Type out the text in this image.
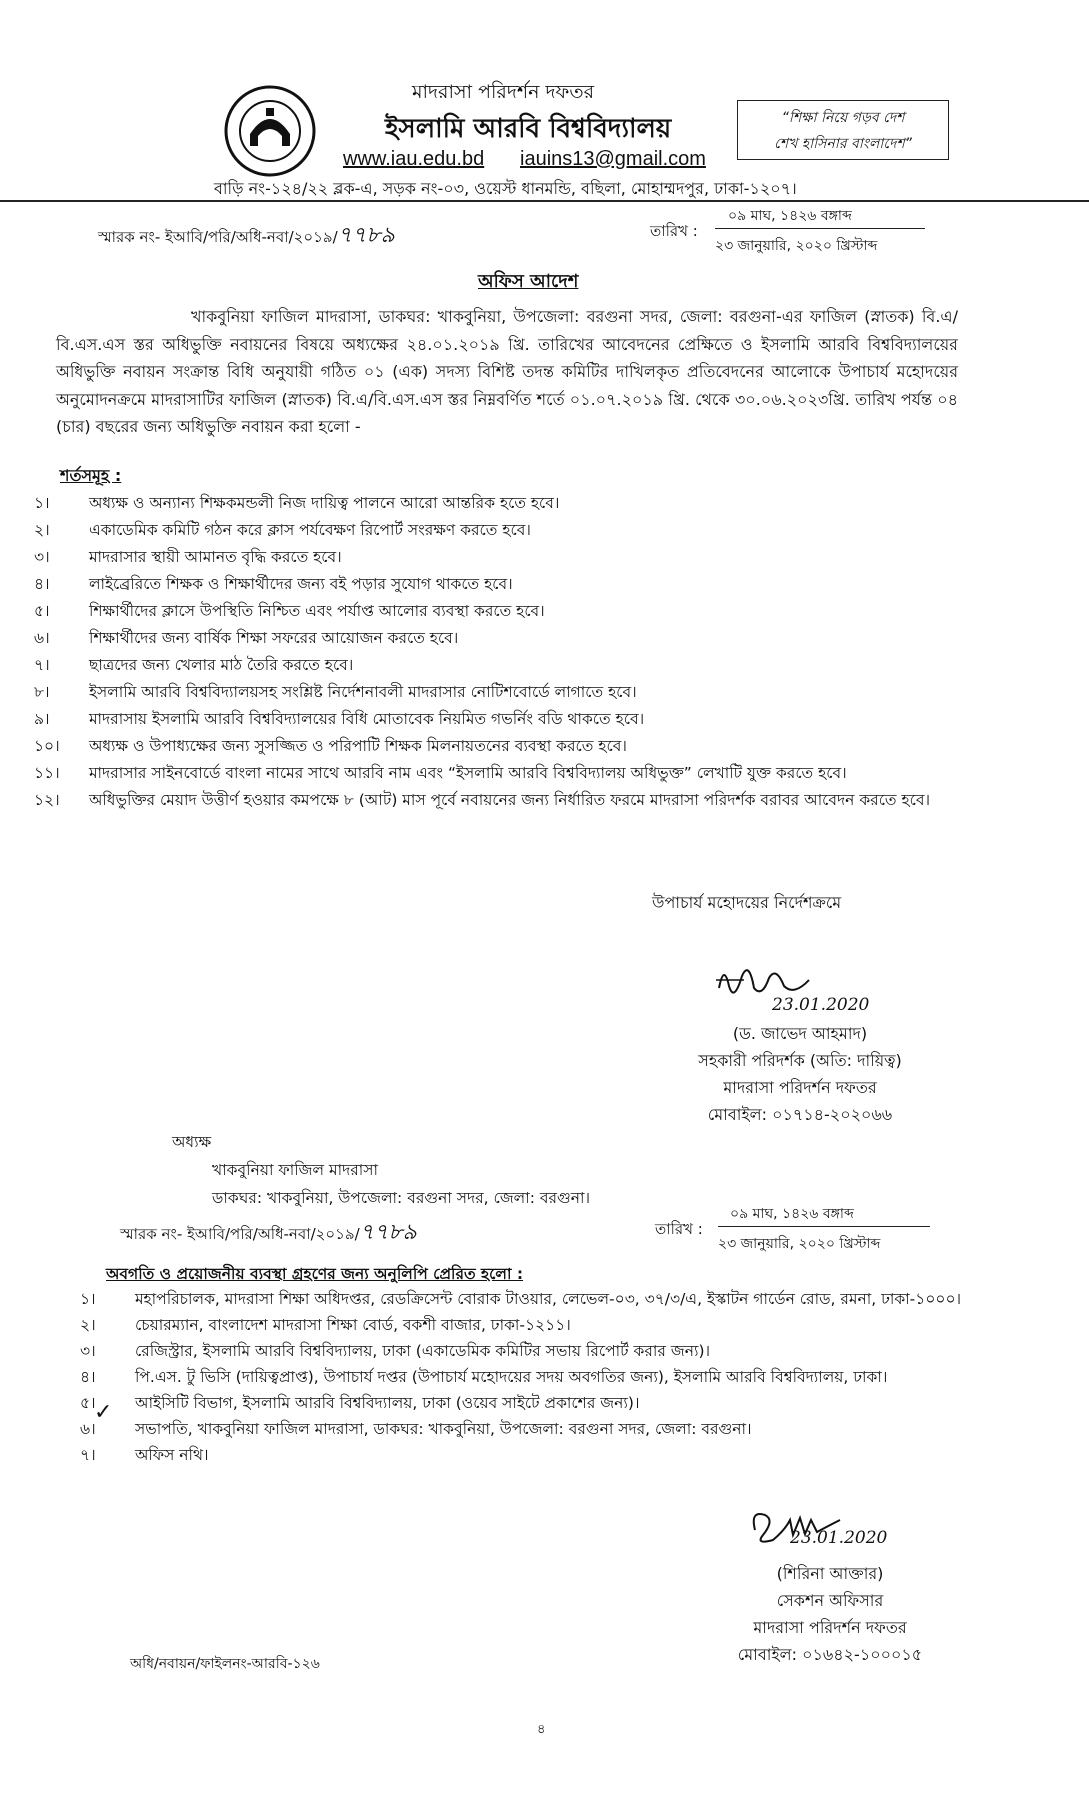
মাদরাসা পরিদর্শন দফতর
ইসলামি আরবি বিশ্ববিদ্যালয়
www.iau.edu.bd iauins13@gmail.com
“শিক্ষা নিয়ে গড়ব দেশ
শেখ হাসিনার বাংলাদেশ”
বাড়ি নং-১২৪/২২ ব্লক-এ, সড়ক নং-০৩, ওয়েস্ট ধানমন্ডি, বছিলা, মোহাম্মদপুর, ঢাকা-১২০৭।
স্মারক নং- ইআবি/পরি/অধি-নবা/২০১৯/৭৭৮৯	তারিখ :
০৯ মাঘ, ১৪২৬ বঙ্গাব্দ
২৩ জানুয়ারি, ২০২০ খ্রিস্টাব্দ
অফিস আদেশ
খাকবুনিয়া ফাজিল মাদরাসা, ডাকঘর: খাকবুনিয়া, উপজেলা: বরগুনা সদর, জেলা: বরগুনা-এর ফাজিল (স্নাতক) বি.এ/বি.এস.এস স্তর অধিভুক্তি নবায়নের বিষয়ে অধ্যক্ষের ২৪.০১.২০১৯ খ্রি. তারিখের আবেদনের প্রেক্ষিতে ও ইসলামি আরবি বিশ্ববিদ্যালয়ের অধিভুক্তি নবায়ন সংক্রান্ত বিধি অনুযায়ী গঠিত ০১ (এক) সদস্য বিশিষ্ট তদন্ত কমিটির দাখিলকৃত প্রতিবেদনের আলোকে উপাচার্য মহোদয়ের অনুমোদনক্রমে মাদরাসাটির ফাজিল (স্নাতক) বি.এ/বি.এস.এস স্তর নিম্নবর্ণিত শর্তে ০১.০৭.২০১৯ খ্রি. থেকে ৩০.০৬.২০২৩খ্রি. তারিখ পর্যন্ত ০৪ (চার) বছরের জন্য অধিভুক্তি নবায়ন করা হলো -
শর্তসমূহ :
১।	অধ্যক্ষ ও অন্যান্য শিক্ষকমন্ডলী নিজ দায়িত্ব পালনে আরো আন্তরিক হতে হবে।
২।	একাডেমিক কমিটি গঠন করে ক্লাস পর্যবেক্ষণ রিপোর্ট সংরক্ষণ করতে হবে।
৩।	মাদরাসার স্থায়ী আমানত বৃদ্ধি করতে হবে।
৪।	লাইব্রেরিতে শিক্ষক ও শিক্ষার্থীদের জন্য বই পড়ার সুযোগ থাকতে হবে।
৫।	শিক্ষার্থীদের ক্লাসে উপস্থিতি নিশ্চিত এবং পর্যাপ্ত আলোর ব্যবস্থা করতে হবে।
৬।	শিক্ষার্থীদের জন্য বার্ষিক শিক্ষা সফরের আয়োজন করতে হবে।
৭।	ছাত্রদের জন্য খেলার মাঠ তৈরি করতে হবে।
৮।	ইসলামি আরবি বিশ্ববিদ্যালয়সহ সংশ্লিষ্ট নির্দেশনাবলী মাদরাসার নোটিশবোর্ডে লাগাতে হবে।
৯।	মাদরাসায় ইসলামি আরবি বিশ্ববিদ্যালয়ের বিধি মোতাবেক নিয়মিত গভর্নিং বডি থাকতে হবে।
১০। অধ্যক্ষ ও উপাধ্যক্ষের জন্য সুসজ্জিত ও পরিপাটি শিক্ষক মিলনায়তনের ব্যবস্থা করতে হবে।
১১। মাদরাসার সাইনবোর্ডে বাংলা নামের সাথে আরবি নাম এবং “ইসলামি আরবি বিশ্ববিদ্যালয় অধিভুক্ত” লেখাটি যুক্ত করতে হবে।
১২। অধিভুক্তির মেয়াদ উত্তীর্ণ হওয়ার কমপক্ষে ৮ (আট) মাস পূর্বে নবায়নের জন্য নির্ধারিত ফরমে মাদরাসা পরিদর্শক বরাবর আবেদন করতে হবে।
উপাচার্য মহোদয়ের নির্দেশক্রমে
23.01.2020
(ড. জাভেদ আহমাদ)
সহকারী পরিদর্শক (অতি: দায়িত্ব)
মাদরাসা পরিদর্শন দফতর
মোবাইল: ০১৭১৪-২০২০৬৬
অধ্যক্ষ
খাকবুনিয়া ফাজিল মাদরাসা
ডাকঘর: খাকবুনিয়া, উপজেলা: বরগুনা সদর, জেলা: বরগুনা।
স্মারক নং- ইআবি/পরি/অধি-নবা/২০১৯/৭৭৮৯	তারিখ :
০৯ মাঘ, ১৪২৬ বঙ্গাব্দ
২৩ জানুয়ারি, ২০২০ খ্রিস্টাব্দ
অবগতি ও প্রয়োজনীয় ব্যবস্থা গ্রহণের জন্য অনুলিপি প্রেরিত হলো :
১।	মহাপরিচালক, মাদরাসা শিক্ষা অধিদপ্তর, রেডক্রিসেন্ট বোরাক টাওয়ার, লেভেল-০৩, ৩৭/৩/এ, ইস্কাটন গার্ডেন রোড, রমনা, ঢাকা-১০০০।
২।	চেয়ারম্যান, বাংলাদেশ মাদরাসা শিক্ষা বোর্ড, বকশী বাজার, ঢাকা-১২১১।
৩।	রেজিস্ট্রার, ইসলামি আরবি বিশ্ববিদ্যালয়, ঢাকা (একাডেমিক কমিটির সভায় রিপোর্ট করার জন্য)।
৪।	পি.এস. টু ভিসি (দায়িত্বপ্রাপ্ত), উপাচার্য দপ্তর (উপাচার্য মহোদয়ের সদয় অবগতির জন্য), ইসলামি আরবি বিশ্ববিদ্যালয়, ঢাকা।
৫।	আইসিটি বিভাগ, ইসলামি আরবি বিশ্ববিদ্যালয়, ঢাকা (ওয়েব সাইটে প্রকাশের জন্য)।
৬।	সভাপতি, খাকবুনিয়া ফাজিল মাদরাসা, ডাকঘর: খাকবুনিয়া, উপজেলা: বরগুনা সদর, জেলা: বরগুনা।
৭।	অফিস নথি।
✓
23.01.2020
(শিরিনা আক্তার)
সেকশন অফিসার
মাদরাসা পরিদর্শন দফতর
মোবাইল: ০১৬৪২-১০০০১৫
অধি/নবায়ন/ফাইলনং-আরবি-১২৬
৪
